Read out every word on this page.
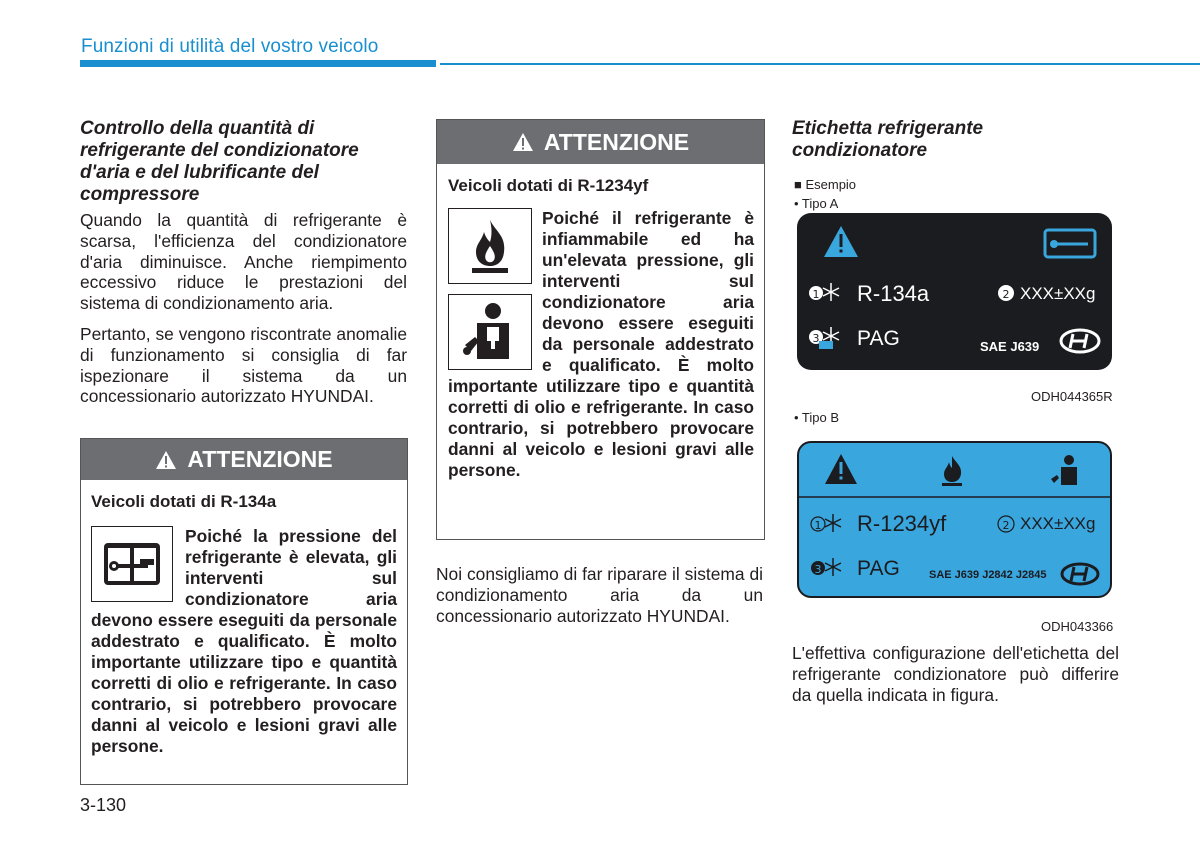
Funzioni di utilità del vostro veicolo
Controllo della quantità di refrigerante del condizionatore d'aria e del lubrificante del compressore
Quando la quantità di refrigerante è scarsa, l'efficienza del condizionatore d'aria diminuisce. Anche riempimento eccessivo riduce le prestazioni del sistema di condizionamento aria.
Pertanto, se vengono riscontrate anomalie di funzionamento si consiglia di far ispezionare il sistema da un concessionario autorizzato HYUNDAI.
ATTENZIONE
Veicoli dotati di R-134a
Poiché la pressione del refrigerante è elevata, gli interventi sul condizionatore aria devono essere eseguiti da personale addestrato e qualificato. È molto importante utilizzare tipo e quantità corretti di olio e refrigerante. In caso contrario, si potrebbero provocare danni al veicolo e lesioni gravi alle persone.
ATTENZIONE
Veicoli dotati di R-1234yf
Poiché il refrigerante è infiammabile ed ha un'elevata pressione, gli interventi sul condizionatore aria devono essere eseguiti da personale addestrato e qualificato. È molto importante utilizzare tipo e quantità corretti di olio e refrigerante. In caso contrario, si potrebbero provocare danni al veicolo e lesioni gravi alle persone.
Noi consigliamo di far riparare il sistema di condizionamento aria da un concessionario autorizzato HYUNDAI.
Etichetta refrigerante condizionatore
■ Esempio
• Tipo A
1	2
3
R-134a	XXX±XXg
PAG	SAE J639
ODH044365R
• Tipo B
1	2
3
R-1234yf	XXX±XXg
PAG	SAE J639 J2842 J2845
ODH043366
L'effettiva configurazione dell'etichetta del refrigerante condizionatore può differire da quella indicata in figura.
3-130
